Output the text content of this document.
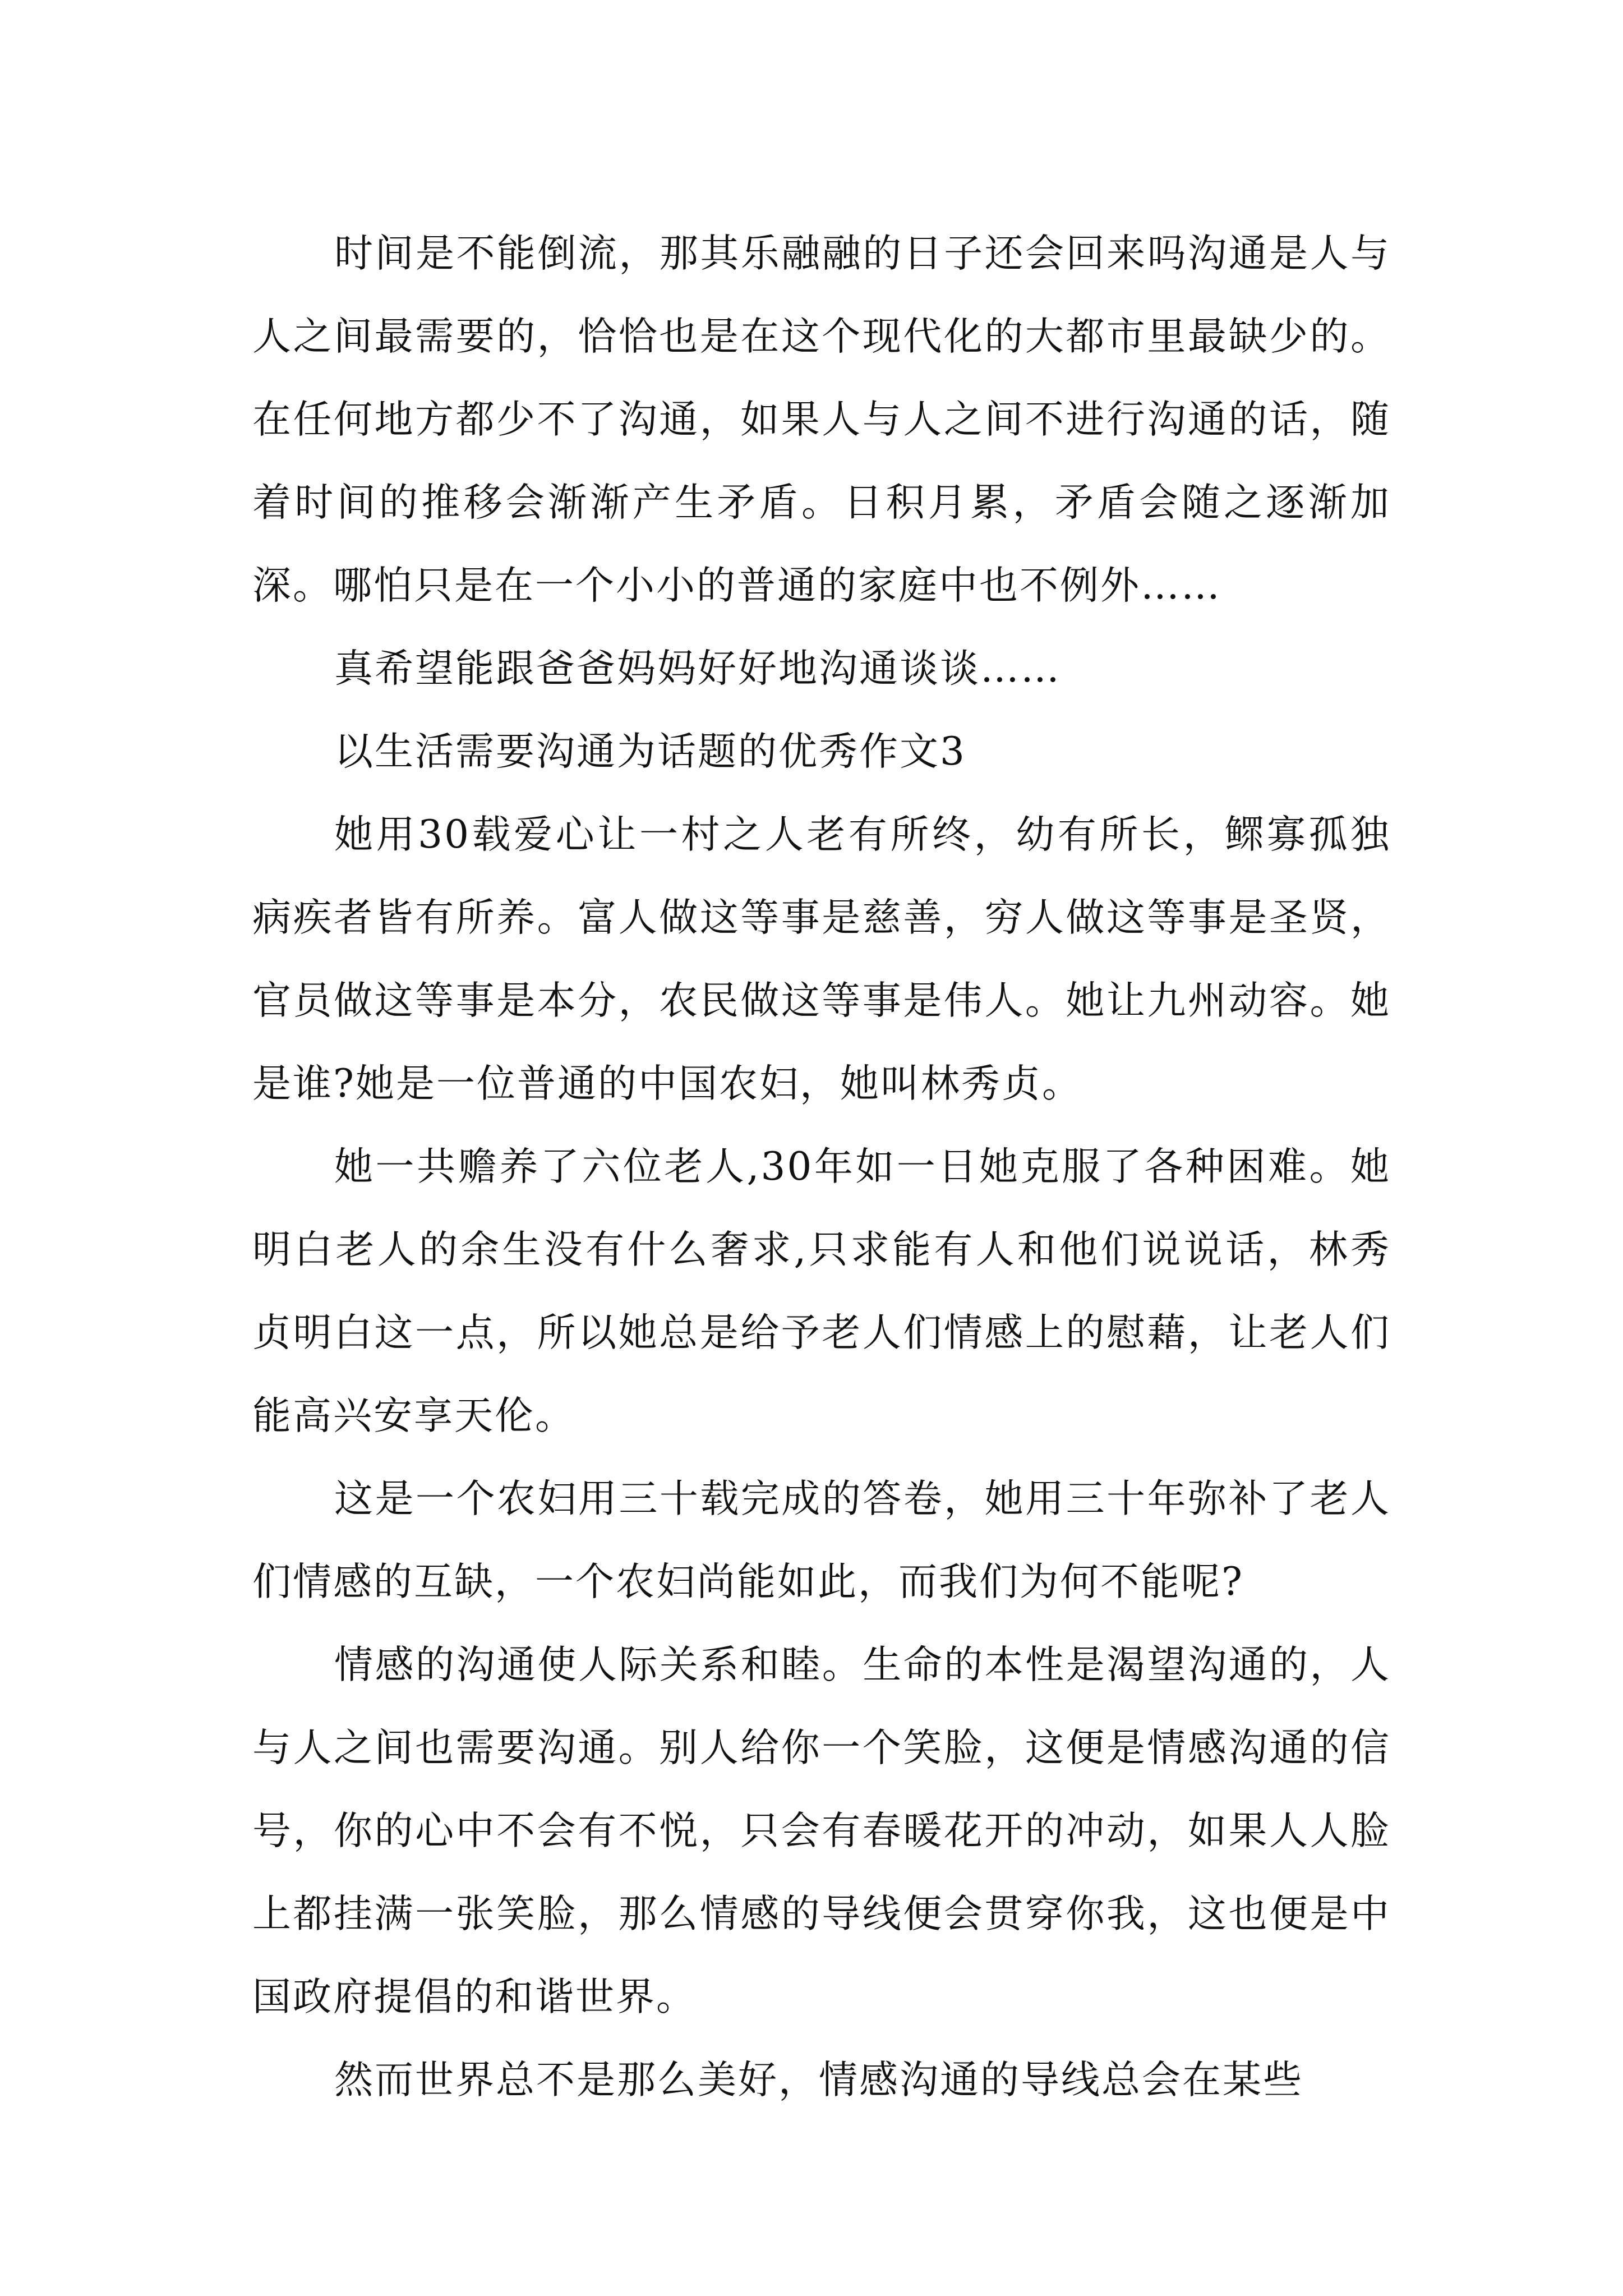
时间是不能倒流，那其乐融融的日子还会回来吗沟通是人与人之间最需要的，恰恰也是在这个现代化的大都市里最缺少的。在任何地方都少不了沟通，如果人与人之间不进行沟通的话，随着时间的推移会渐渐产生矛盾。日积月累，矛盾会随之逐渐加深。哪怕只是在一个小小的普通的家庭中也不例外……

真希望能跟爸爸妈妈好好地沟通谈谈……

以生活需要沟通为话题的优秀作文3

她用30载爱心让一村之人老有所终，幼有所长，鳏寡孤独病疾者皆有所养。富人做这等事是慈善，穷人做这等事是圣贤，官员做这等事是本分，农民做这等事是伟人。她让九州动容。她是谁?她是一位普通的中国农妇，她叫林秀贞。

她一共赡养了六位老人,30年如一日她克服了各种困难。她明白老人的余生没有什么奢求,只求能有人和他们说说话，林秀贞明白这一点，所以她总是给予老人们情感上的慰藉，让老人们能高兴安享天伦。

这是一个农妇用三十载完成的答卷，她用三十年弥补了老人们情感的互缺，一个农妇尚能如此，而我们为何不能呢?

情感的沟通使人际关系和睦。生命的本性是渴望沟通的，人与人之间也需要沟通。别人给你一个笑脸，这便是情感沟通的信号，你的心中不会有不悦，只会有春暖花开的冲动，如果人人脸上都挂满一张笑脸，那么情感的导线便会贯穿你我，这也便是中国政府提倡的和谐世界。

然而世界总不是那么美好，情感沟通的导线总会在某些
